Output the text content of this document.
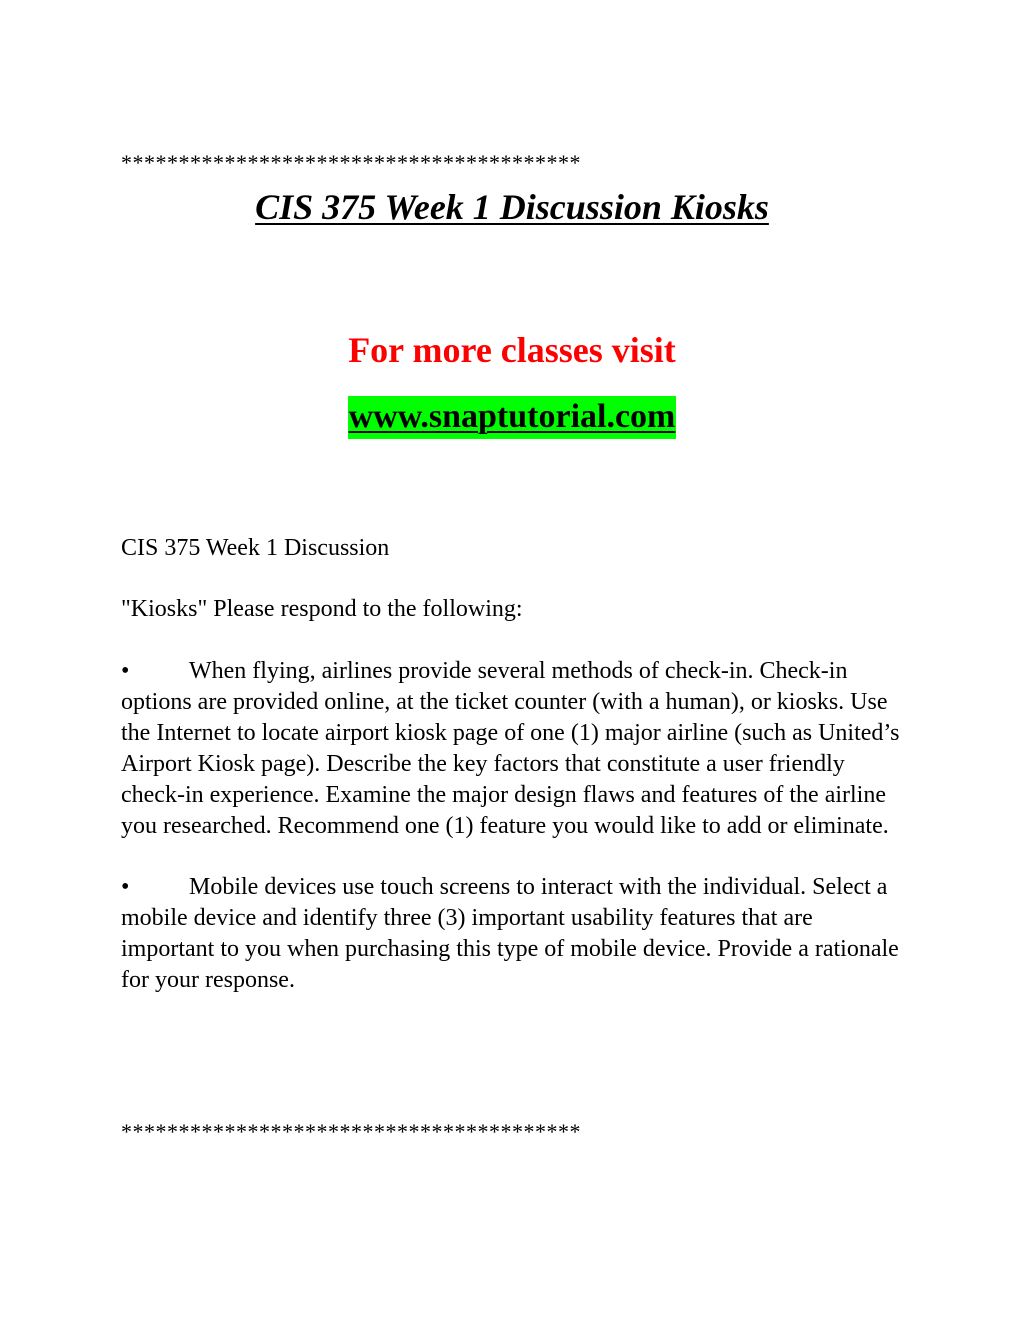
****************************************
CIS 375 Week 1 Discussion Kiosks
For more classes visit
www.snaptutorial.com
CIS 375 Week 1 Discussion
"Kiosks" Please respond to the following:
• When flying, airlines provide several methods of check-in. Check-in options are provided online, at the ticket counter (with a human), or kiosks. Use the Internet to locate airport kiosk page of one (1) major airline (such as United’s Airport Kiosk page). Describe the key factors that constitute a user friendly check-in experience. Examine the major design flaws and features of the airline you researched. Recommend one (1) feature you would like to add or eliminate.
• Mobile devices use touch screens to interact with the individual. Select a mobile device and identify three (3) important usability features that are important to you when purchasing this type of mobile device. Provide a rationale for your response.
****************************************
